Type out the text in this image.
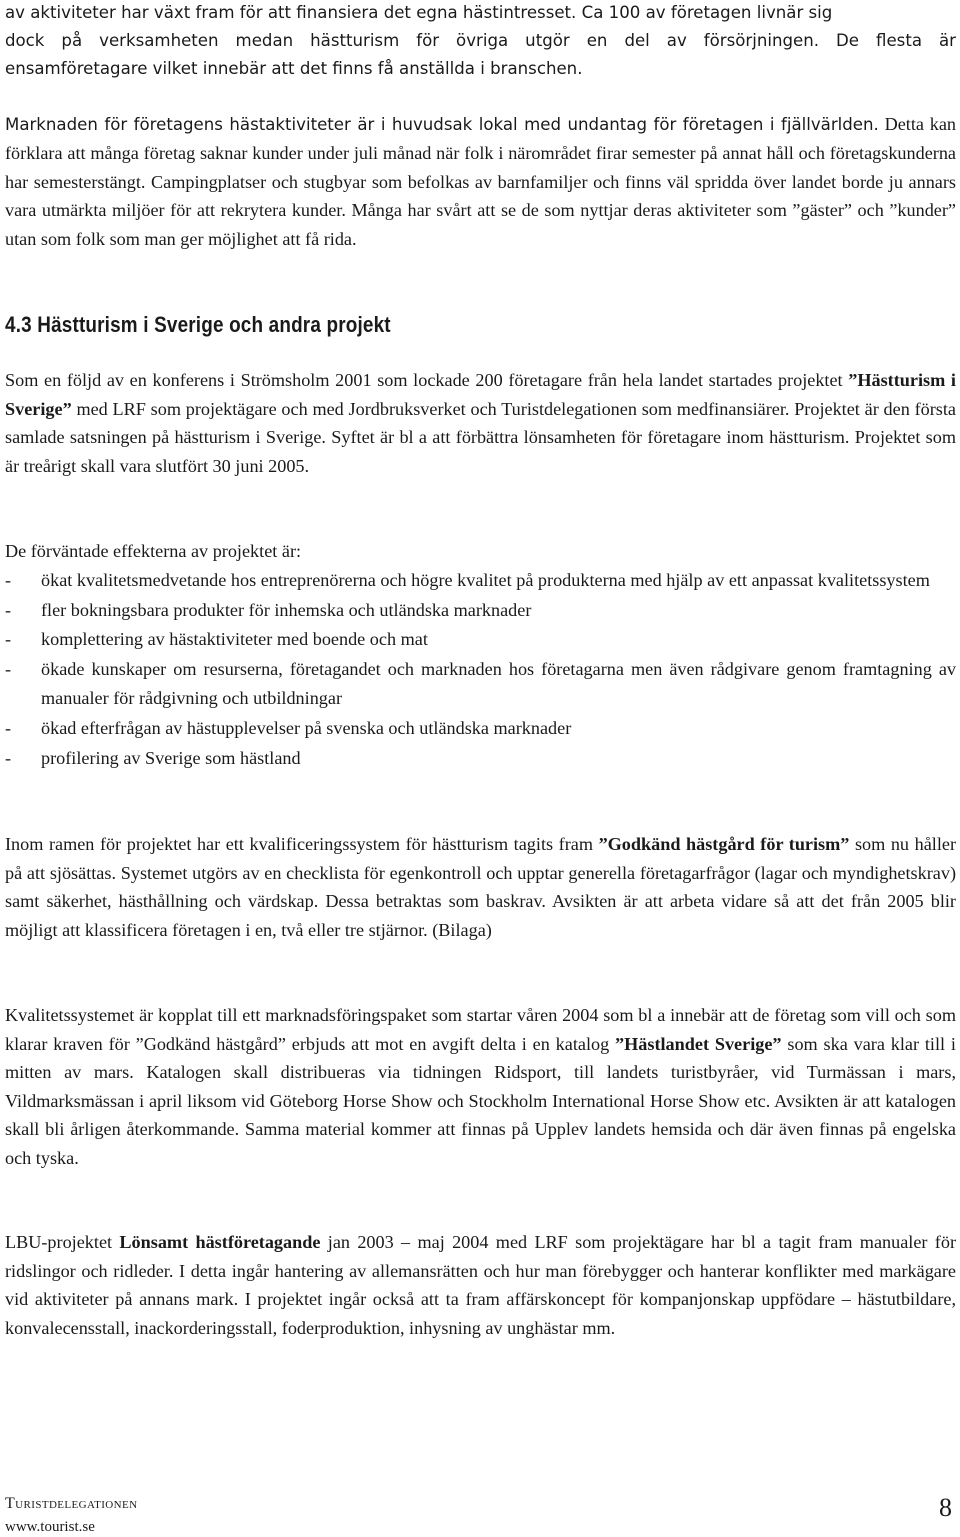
av aktiviteter har växt fram för att finansiera det egna hästintresset. Ca 100 av företagen livnär sig
dock på verksamheten medan hästturism för övriga utgör en del av försörjningen. De flesta är
ensamföretagare vilket innebär att det finns få anställda i branschen.

Marknaden för företagens hästaktiviteter är i huvudsak lokal med undantag för företagen i fjällvärlden. Detta kan förklara att många företag saknar kunder under juli månad när folk i närområdet firar semester på annat håll och företagskunderna har semesterstängt. Campingplatser och stugbyar som befolkas av barnfamiljer och finns väl spridda över landet borde ju annars vara utmärkta miljöer för att rekrytera kunder. Många har svårt att se de som nyttjar deras aktiviteter som ”gäster” och ”kunder” utan som folk som man ger möjlighet att få rida.

4.3 Hästturism i Sverige och andra projekt

Som en följd av en konferens i Strömsholm 2001 som lockade 200 företagare från hela landet startades projektet ”Hästturism i Sverige” med LRF som projektägare och med Jordbruksverket och Turistdelegationen som medfinansiärer. Projektet är den första samlade satsningen på hästturism i Sverige. Syftet är bl a att förbättra lönsamheten för företagare inom hästturism. Projektet som är treårigt skall vara slutfört 30 juni 2005.

De förväntade effekterna av projektet är:

- ökat kvalitetsmedvetande hos entreprenörerna och högre kvalitet på produkterna med hjälp av ett anpassat kvalitetssystem
- fler bokningsbara produkter för inhemska och utländska marknader
- komplettering av hästaktiviteter med boende och mat
- ökade kunskaper om resurserna, företagandet och marknaden hos företagarna men även rådgivare genom framtagning av manualer för rådgivning och utbildningar
- ökad efterfrågan av hästupplevelser på svenska och utländska marknader
- profilering av Sverige som hästland

Inom ramen för projektet har ett kvalificeringssystem för hästturism tagits fram ”Godkänd hästgård för turism” som nu håller på att sjösättas. Systemet utgörs av en checklista för egenkontroll och upptar generella företagarfrågor (lagar och myndighetskrav) samt säkerhet, hästhållning och värdskap. Dessa betraktas som baskrav. Avsikten är att arbeta vidare så att det från 2005 blir möjligt att klassificera företagen i en, två eller tre stjärnor. (Bilaga)

Kvalitetssystemet är kopplat till ett marknadsföringspaket som startar våren 2004 som bl a innebär att de företag som vill och som klarar kraven för ”Godkänd hästgård” erbjuds att mot en avgift delta i en katalog ”Hästlandet Sverige” som ska vara klar till i mitten av mars. Katalogen skall distribueras via tidningen Ridsport, till landets turistbyråer, vid Turmässan i mars, Vildmarksmässan i april liksom vid Göteborg Horse Show och Stockholm International Horse Show etc. Avsikten är att katalogen skall bli årligen återkommande. Samma material kommer att finnas på Upplev landets hemsida och där även finnas på engelska och tyska.

LBU-projektet Lönsamt hästföretagande jan 2003 – maj 2004 med LRF som projektägare har bl a tagit fram manualer för ridslingor och ridleder. I detta ingår hantering av allemansrätten och hur man förebygger och hanterar konflikter med markägare vid aktiviteter på annans mark. I projektet ingår också att ta fram affärskoncept för kompanjonskap uppfödare – hästutbildare, konvalecensstall, inackorderingsstall, foderproduktion, inhysning av unghästar mm.

Turistdelegationen
www.tourist.se
8
